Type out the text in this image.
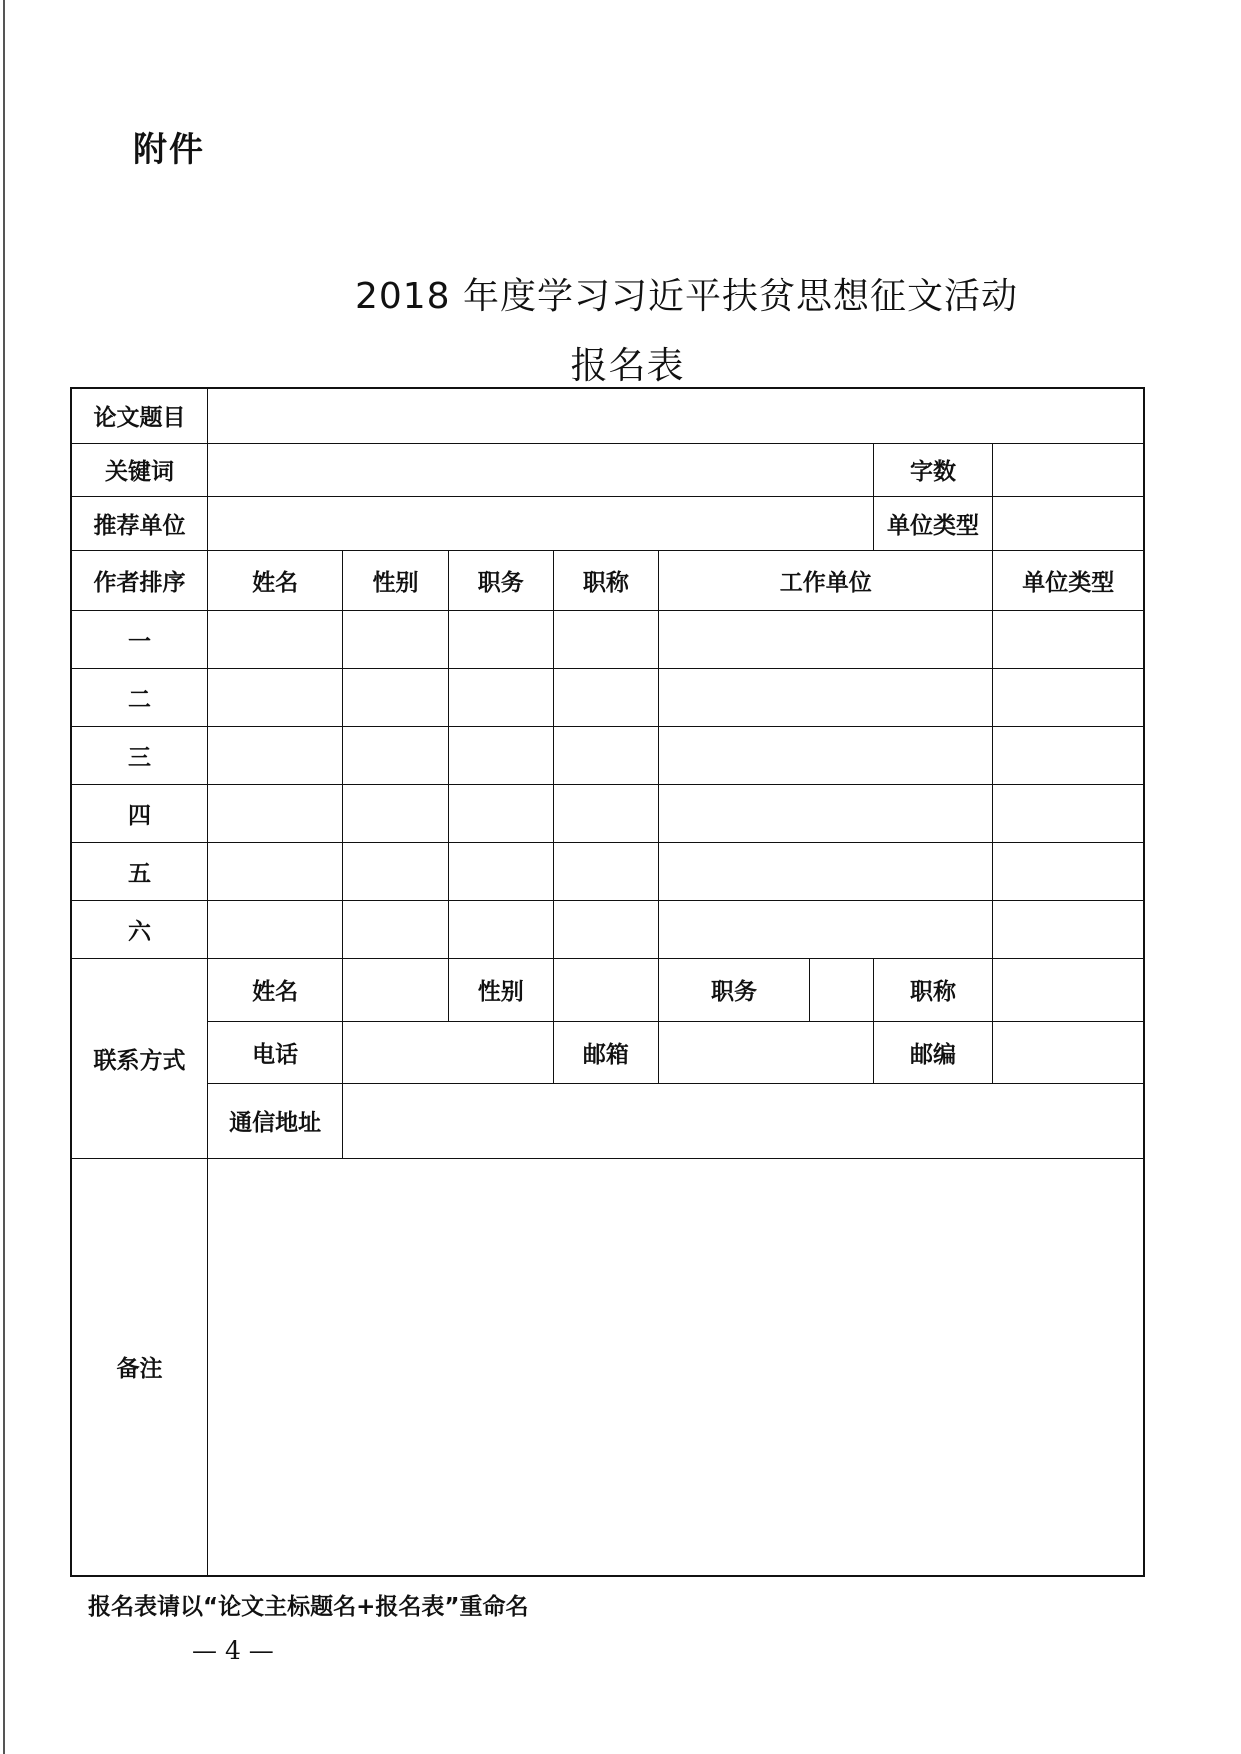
附件
2018 年度学习习近平扶贫思想征文活动
报名表
论文题目								
关键词							字数	
推荐单位							单位类型	
作者排序	姓名	性别	职务	职称	工作单位			单位类型
一								
二								
三								
四								
五								
六								
联系方式	姓名		性别		职务		职称	
	电话			邮箱			邮编	
	通信地址							
备注								
报名表请以“论文主标题名+报名表”重命名
— 4 —
